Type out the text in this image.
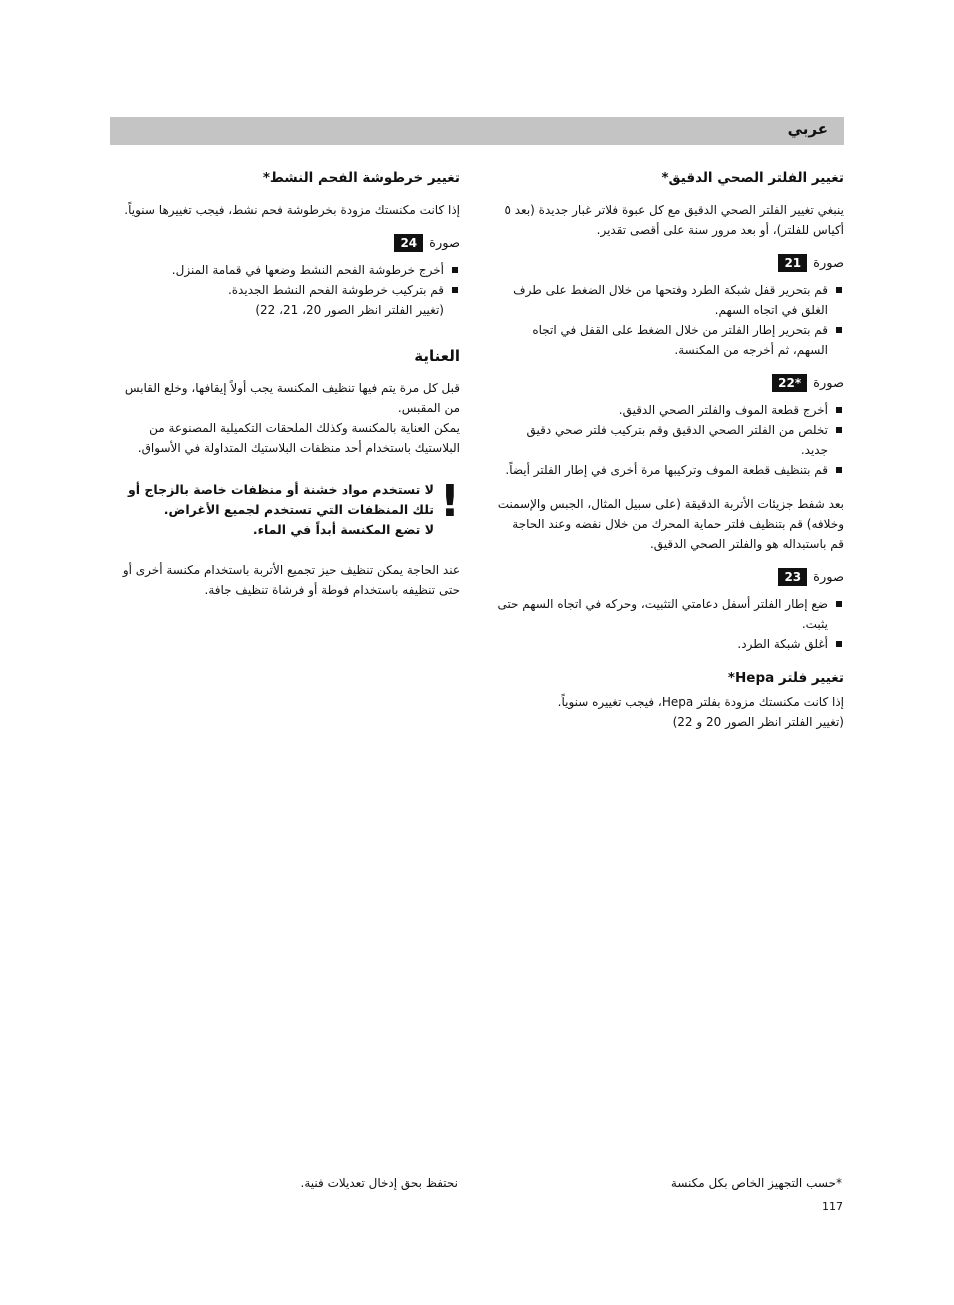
عربي
تغيير الفلتر الصحي الدقيق*

ينبغي تغيير الفلتر الصحي الدقيق مع كل عبوة فلاتر غبار جديدة (بعد ٥ أكياس للفلتر)، أو بعد مرور سنة على أقصى تقدير.

صورة
21
قم بتحرير قفل شبكة الطرد وفتحها من خلال الضغط على طرف الغلق في اتجاه السهم.
قم بتحرير إطار الفلتر من خلال الضغط على القفل في اتجاه السهم، ثم أخرجه من المكنسة.
صورة
22*
أخرج قطعة الموف والفلتر الصحي الدقيق.
تخلص من الفلتر الصحي الدقيق وقم بتركيب فلتر صحي دقيق جديد.
قم بتنظيف قطعة الموف وتركيبها مرة أخرى في إطار الفلتر أيضاً.

بعد شفط جزيئات الأتربة الدقيقة (على سبيل المثال، الجبس والإسمنت وخلافه) قم بتنظيف فلتر حماية المحرك من خلال نفضه وعند الحاجة قم باستبداله هو والفلتر الصحي الدقيق.

صورة
23
ضع إطار الفلتر أسفل دعامتي التثبيت، وحركه في اتجاه السهم حتى يثبت.
أغلق شبكة الطرد.
تغيير فلتر Hepa*

إذا كانت مكنستك مزودة بفلتر Hepa، فيجب تغييره سنوياً.

(تغيير الفلتر انظر الصور 20 و 22)

تغيير خرطوشة الفحم النشط*

إذا كانت مكنستك مزودة بخرطوشة فحم نشط، فيجب تغييرها سنوياً.

صورة
24
أخرج خرطوشة الفحم النشط وضعها في قمامة المنزل.
قم بتركيب خرطوشة الفحم النشط الجديدة.
(تغيير الفلتر انظر الصور 20، 21، 22)
العناية

قبل كل مرة يتم فيها تنظيف المكنسة يجب أولاً إيقافها، وخلع القابس من المقبس.

يمكن العناية بالمكنسة وكذلك الملحقات التكميلية المصنوعة من البلاستيك باستخدام أحد منظفات البلاستيك المتداولة في الأسواق.

!

لا تستخدم مواد خشنة أو منظفات خاصة بالزجاج أو تلك المنظفات التي تستخدم لجميع الأغراض.

لا تضع المكنسة أبداً في الماء.

عند الحاجة يمكن تنظيف حيز تجميع الأتربة باستخدام مكنسة أخرى أو حتى تنظيفه باستخدام فوطة أو فرشاة تنظيف جافة.

*حسب التجهيز الخاص بكل مكنسة
نحتفظ بحق إدخال تعديلات فنية.
117
